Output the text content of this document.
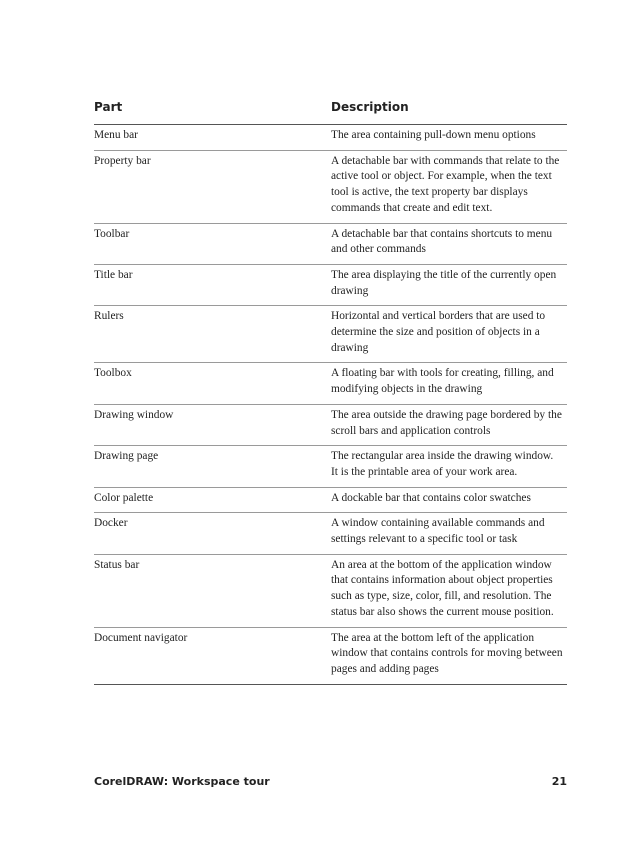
Part	Description
Menu bar	The area containing pull-down menu options
Property bar	A detachable bar with commands that relate to the active tool or object. For example, when the text tool is active, the text property bar displays commands that create and edit text.
Toolbar	A detachable bar that contains shortcuts to menu and other commands
Title bar	The area displaying the title of the currently open drawing
Rulers	Horizontal and vertical borders that are used to determine the size and position of objects in a drawing
Toolbox	A floating bar with tools for creating, filling, and modifying objects in the drawing
Drawing window	The area outside the drawing page bordered by the scroll bars and application controls
Drawing page	The rectangular area inside the drawing window. It is the printable area of your work area.
Color palette	A dockable bar that contains color swatches
Docker	A window containing available commands and settings relevant to a specific tool or task
Status bar	An area at the bottom of the application window that contains information about object properties such as type, size, color, fill, and resolution. The status bar also shows the current mouse position.
Document navigator	The area at the bottom left of the application window that contains controls for moving between pages and adding pages
CorelDRAW: Workspace tour	21
